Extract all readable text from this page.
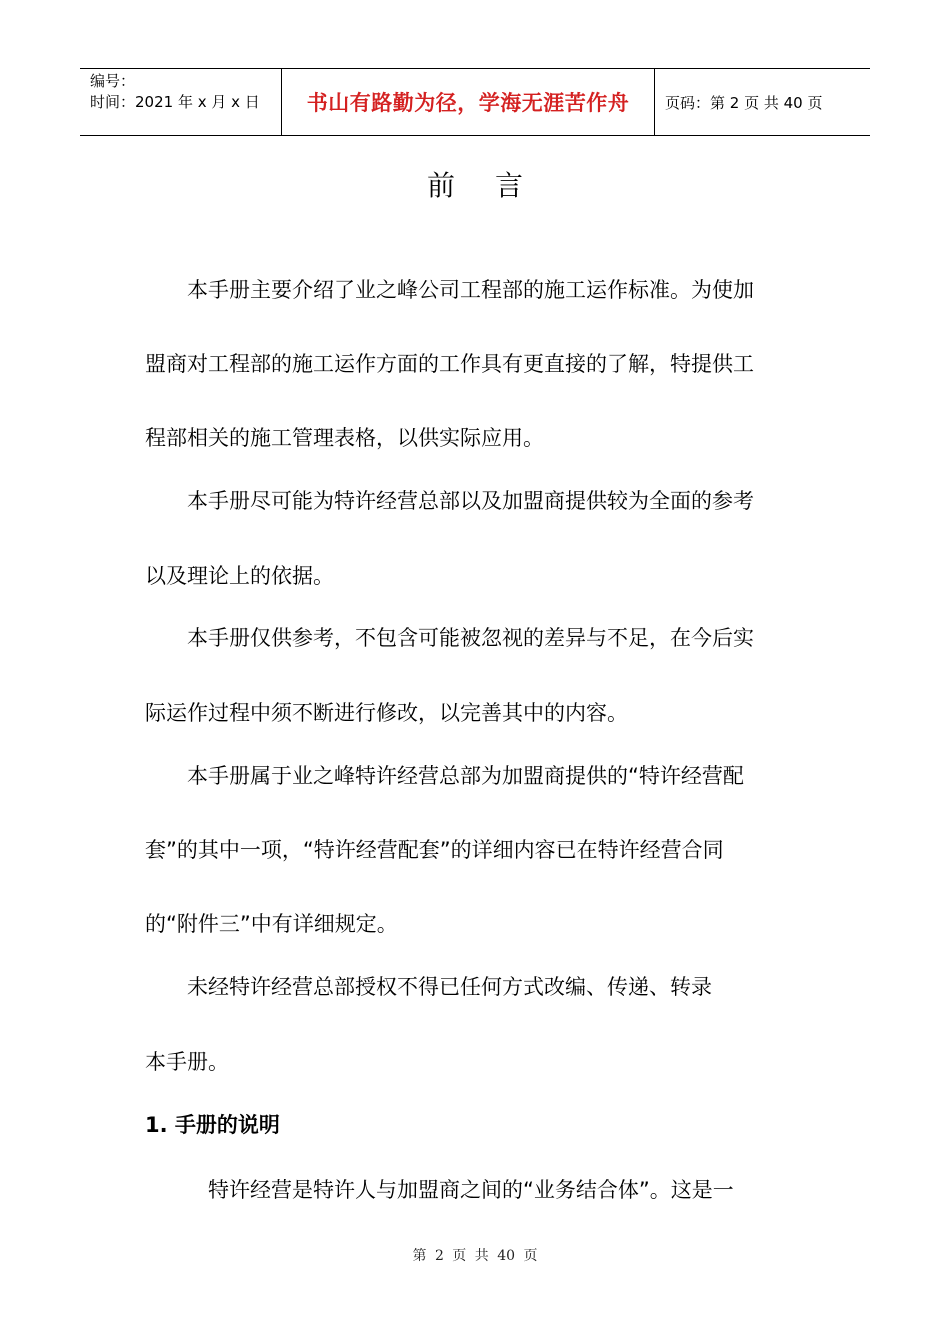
编号：
时间：2021 年 x 月 x 日	书山有路勤为径，学海无涯苦作舟	页码：第 2 页 共 40 页
前言
　　本手册主要介绍了业之峰公司工程部的施工运作标准。为使加
盟商对工程部的施工运作方面的工作具有更直接的了解，特提供工
程部相关的施工管理表格，以供实际应用。
　　本手册尽可能为特许经营总部以及加盟商提供较为全面的参考
以及理论上的依据。
　　本手册仅供参考，不包含可能被忽视的差异与不足，在今后实
际运作过程中须不断进行修改，以完善其中的内容。
　　本手册属于业之峰特许经营总部为加盟商提供的“特许经营配
套”的其中一项，“特许经营配套”的详细内容已在特许经营合同
的“附件三”中有详细规定。
　　未经特许经营总部授权不得已任何方式改编、传递、转录
本手册。
1. 手册的说明
　　　特许经营是特许人与加盟商之间的“业务结合体”。这是一
第 2 页 共 40 页
